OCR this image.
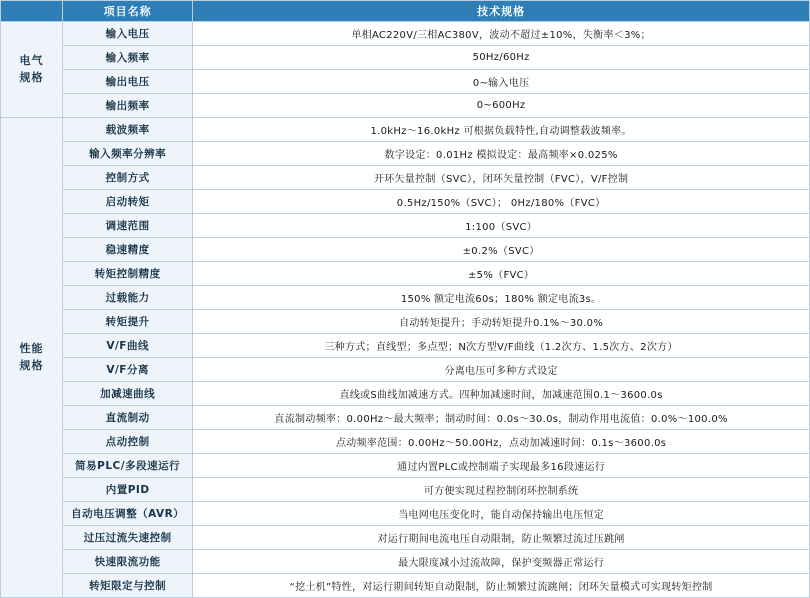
	项目名称	技术规格

电气
规格	输入电压	单相AC220V/三相AC380V，波动不超过±10%，失衡率＜3%；
	输入频率	50Hz/60Hz
	输出电压	0~输入电压
	输出频率	0~600Hz

性能
规格	载波频率	1.0kHz～16.0kHz 可根据负载特性,自动调整载波频率。
	输入频率分辨率	数字设定：0.01Hz 模拟设定：最高频率×0.025%
	控制方式	开环矢量控制（SVC），闭环矢量控制（FVC），V/F控制
	启动转矩	0.5Hz/150%（SVC）； 0Hz/180%（FVC）
	调速范围	1:100（SVC）
	稳速精度	±0.2%（SVC）
	转矩控制精度	±5%（FVC）
	过载能力	150% 额定电流60s；180% 额定电流3s。
	转矩提升	自动转矩提升；手动转矩提升0.1%～30.0%
	V/F曲线	三种方式；直线型；多点型；N次方型V/F曲线（1.2次方、1.5次方、2次方）
	V/F分离	分离电压可多种方式设定
	加减速曲线	直线或S曲线加减速方式。四种加减速时间，加减速范围0.1～3600.0s
	直流制动	直流制动频率：0.00Hz～最大频率；制动时间：0.0s～30.0s，制动作用电流值：0.0%～100.0%
	点动控制	点动频率范围：0.00Hz～50.00Hz，点动加减速时间：0.1s～3600.0s
	简易PLC/多段速运行	通过内置PLC或控制端子实现最多16段速运行
	内置PID	可方便实现过程控制闭环控制系统
	自动电压调整（AVR）	当电网电压变化时，能自动保持输出电压恒定
	过压过流失速控制	对运行期间电流电压自动限制，防止频繁过流过压跳闸
	快速限流功能	最大限度减小过流故障，保护变频器正常运行
	转矩限定与控制	“挖土机”特性，对运行期间转矩自动限制，防止频繁过流跳闸；闭环矢量模式可实现转矩控制
